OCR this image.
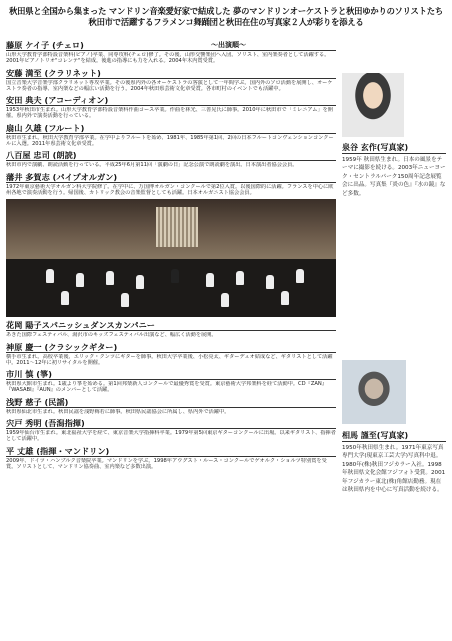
秋田県と全国から集まった マンドリン音楽愛好家で結成した 夢のマンドリンオーケストラと秋田ゆかりのソリストたち
秋田市で活躍するフラメンコ舞踊団と秋田在住の写真家２人が彩りを添える
藤原 ケイ子 (チェロ)	〜出演順〜
山形大学教育学部特設音楽科(ピアノ)卒業、同専攻科(チェロ)修了。その後、山形交響楽団へ入団。ソリスト、室内楽奏者として活躍する。2001年ピアノトリオ"コレンテ"を結成。後進の指導にも力を入れる。2004年木内賞受賞。
安藤 満至 (クラリネット)
国立音楽大学音楽学部クラリネット専攻卒業。その後県内外の各オーケストラの客演として一年間学ぶ。国内外のソロ活動を展開し、オーケストラ奏者の指導、室内楽などの幅広い活動を行う。2004年秋田県芸術文化章受賞。各市町村のイベントでも活躍中。
安田 典夫 (アコーディオン)
1953年秋田市生まれ。山形大学教育学部特設音楽科作曲コース卒業。作曲を林光、三善晃氏に師事。2010年に秋田市で「ミレニアム」を開催。県内外で演奏活動を行っている。
扇山 久雄 (フルート)
秋田市生まれ。秋田大学教育学部卒業。在学中よりフルートを始め、1981年、1985年第1回、2回の日本フルートコンヴェンションコンクールに入選。2011年県芸術文化章受賞。
八百屋 忠司 (朗読)
秋田市内で演劇、朗読活動を行っている。平成25年6月第11回「演劇の日」記念公演で朗読劇を演出。日本演出者協会会員。
藩井 多賀志 (パイプオルガン)
1972年東京藝術大学オルガン科大学院修了。在学中に、万国博オルガン・コンクールで第2位入賞。以後国際的に活躍。フランスを中心に欧州各地で演奏活動を行う。帰国後、カトリック教会の音楽監督としても活躍。日本オルガニスト協会会員。
花岡 陽子スパニッシュダンスカンパニー
あきた国際フェスティバル、湯沢市のキッズフェスティバル出演など、幅広く活動を展開。
神原 慶一 (クラシックギター)
横手市生まれ。高校卒業後、エリック・クンツにギターを師事。秋田大学卒業後、小松亮太、ギターデュオ結成など、ギタリストとして活躍中。2011〜12年に初リサイタルを開催。
市川 慎 (箏)
秋田県大館市生まれ。1歳より箏を始める。第1回邦楽新人コンクールで最優秀賞を受賞。東京藝術大学邦楽科を経て活動中。CD『ZAN』『WASABI』『AUN』のメンバーとして活躍。
浅野 慈子 (民謡)
秋田県仙北市生まれ。秋田民謡を浅野梅若に師事。秋田県民謡協会に所属し、県内外で活躍中。
宍戸 秀明 (吾潟指揮)
1959年仙台市生まれ。東北福祉大学を経て、東京音楽大学指揮科卒業。1979年第5回東京ギターコンクールに出場。以来ギタリスト、指揮者として活躍中。
平 丈雄 (指揮・マンドリン)
2009年、ドイツ・ハンブルク音楽院卒業。マンドリンを学ぶ。1998年アウグスト・ルース・コンクールでゲオルク・ショルツ特別賞を受賞。ソリストとして、マンドリン協奏曲、室内楽など多数出演。
泉谷 玄作(写真家)
1959年 秋田県生まれ。日本の風景をテーマに撮影を続ける。2003年ニューヨーク・セントラルパーク150周年記念展覧会に出品。写真集『炎の色』『水の鏡』など多数。
相馬 謹至(写真家)
1950年秋田県生まれ。1971年東京写真専門大学(現東京工芸大学)写真科中退。1980年(株)秋田フジカラー入社。1998年秋田県文化会館フジフォト受賞。2001年フジカラー東北(株)角館店勤務。現在は秋田県内を中心に写真活動を続ける。
